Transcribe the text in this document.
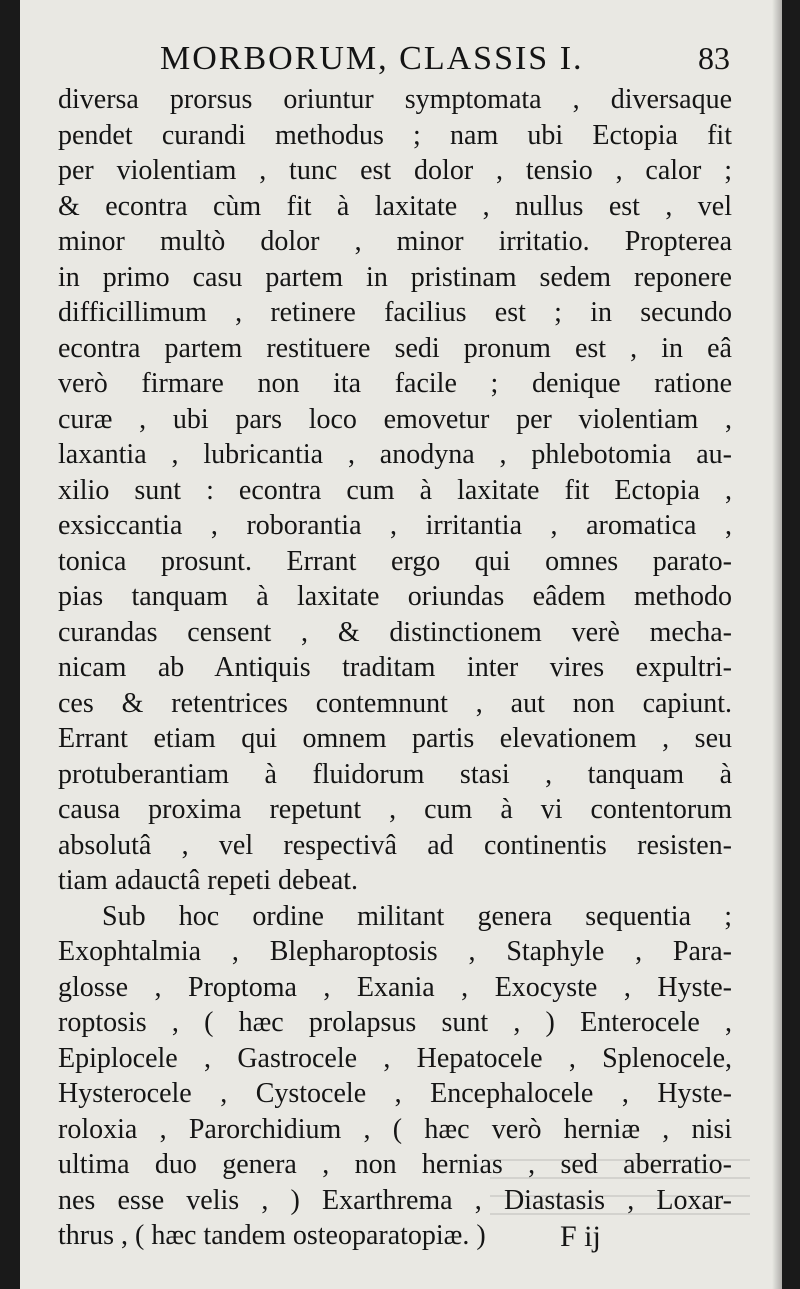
MORBORUM, CLASSIS I.	83
diversa prorsus oriuntur symptomata , diversaque
pendet curandi methodus ; nam ubi Ectopia fit
per violentiam , tunc est dolor , tensio , calor ;
& econtra cùm fit à laxitate , nullus est , vel
minor multò dolor , minor irritatio. Propterea
in primo casu partem in pristinam sedem reponere
difficillimum , retinere facilius est ; in secundo
econtra partem restituere sedi pronum est , in eâ
verò firmare non ita facile ; denique ratione
curæ , ubi pars loco emovetur per violentiam ,
laxantia , lubricantia , anodyna , phlebotomia au-
xilio sunt : econtra cum à laxitate fit Ectopia ,
exsiccantia , roborantia , irritantia , aromatica ,
tonica prosunt. Errant ergo qui omnes parato-
pias tanquam à laxitate oriundas eâdem methodo
curandas censent , & distinctionem verè mecha-
nicam ab Antiquis traditam inter vires expultri-
ces & retentrices contemnunt , aut non capiunt.
Errant etiam qui omnem partis elevationem , seu
protuberantiam à fluidorum stasi , tanquam à
causa proxima repetunt , cum à vi contentorum
absolutâ , vel respectivâ ad continentis resisten-
tiam adauctâ repeti debeat.
Sub hoc ordine militant genera sequentia ;
Exophtalmia , Blepharoptosis , Staphyle , Para-
glosse , Proptoma , Exania , Exocyste , Hyste-
roptosis , ( hæc prolapsus sunt , ) Enterocele ,
Epiplocele , Gastrocele , Hepatocele , Splenocele,
Hysterocele , Cystocele , Encephalocele , Hyste-
roloxia , Parorchidium , ( hæc verò herniæ , nisi
ultima duo genera , non hernias , sed aberratio-
nes esse velis , ) Exarthrema , Diastasis , Loxar-
thrus , ( hæc tandem osteoparatopiæ. )	F ij
